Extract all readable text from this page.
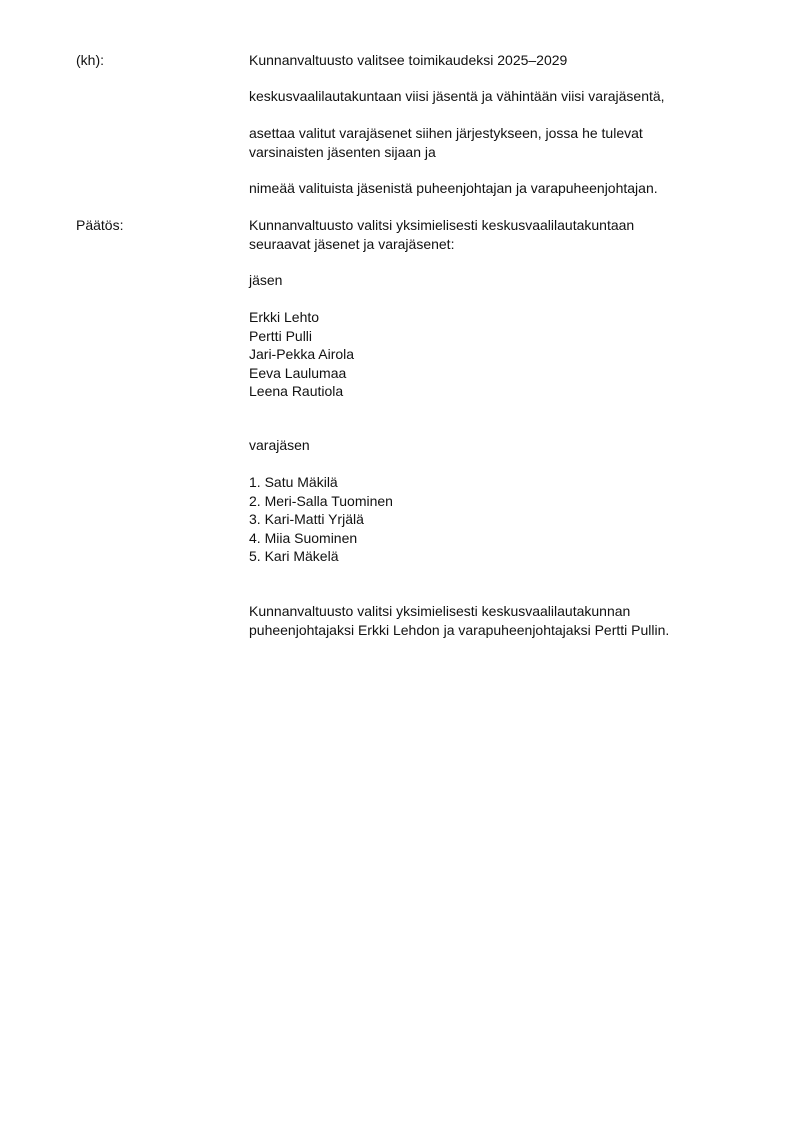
(kh):	Kunnanvaltuusto valitsee toimikaudeksi 2025–2029

keskusvaalilautakuntaan viisi jäsentä ja vähintään viisi varajäsentä,

asettaa valitut varajäsenet siihen järjestykseen, jossa he tulevat

varsinaisten jäsenten sijaan ja

nimeää valituista jäsenistä puheenjohtajan ja varapuheenjohtajan.

Päätös:	Kunnanvaltuusto valitsi yksimielisesti keskusvaalilautakuntaan

seuraavat jäsenet ja varajäsenet:

jäsen

Erkki Lehto
Pertti Pulli
Jari-Pekka Airola
Eeva Laulumaa
Leena Rautiola

varajäsen

1. Satu Mäkilä
2. Meri-Salla Tuominen
3. Kari-Matti Yrjälä
4. Miia Suominen
5. Kari Mäkelä

Kunnanvaltuusto valitsi yksimielisesti keskusvaalilautakunnan

puheenjohtajaksi Erkki Lehdon ja varapuheenjohtajaksi Pertti Pullin.
